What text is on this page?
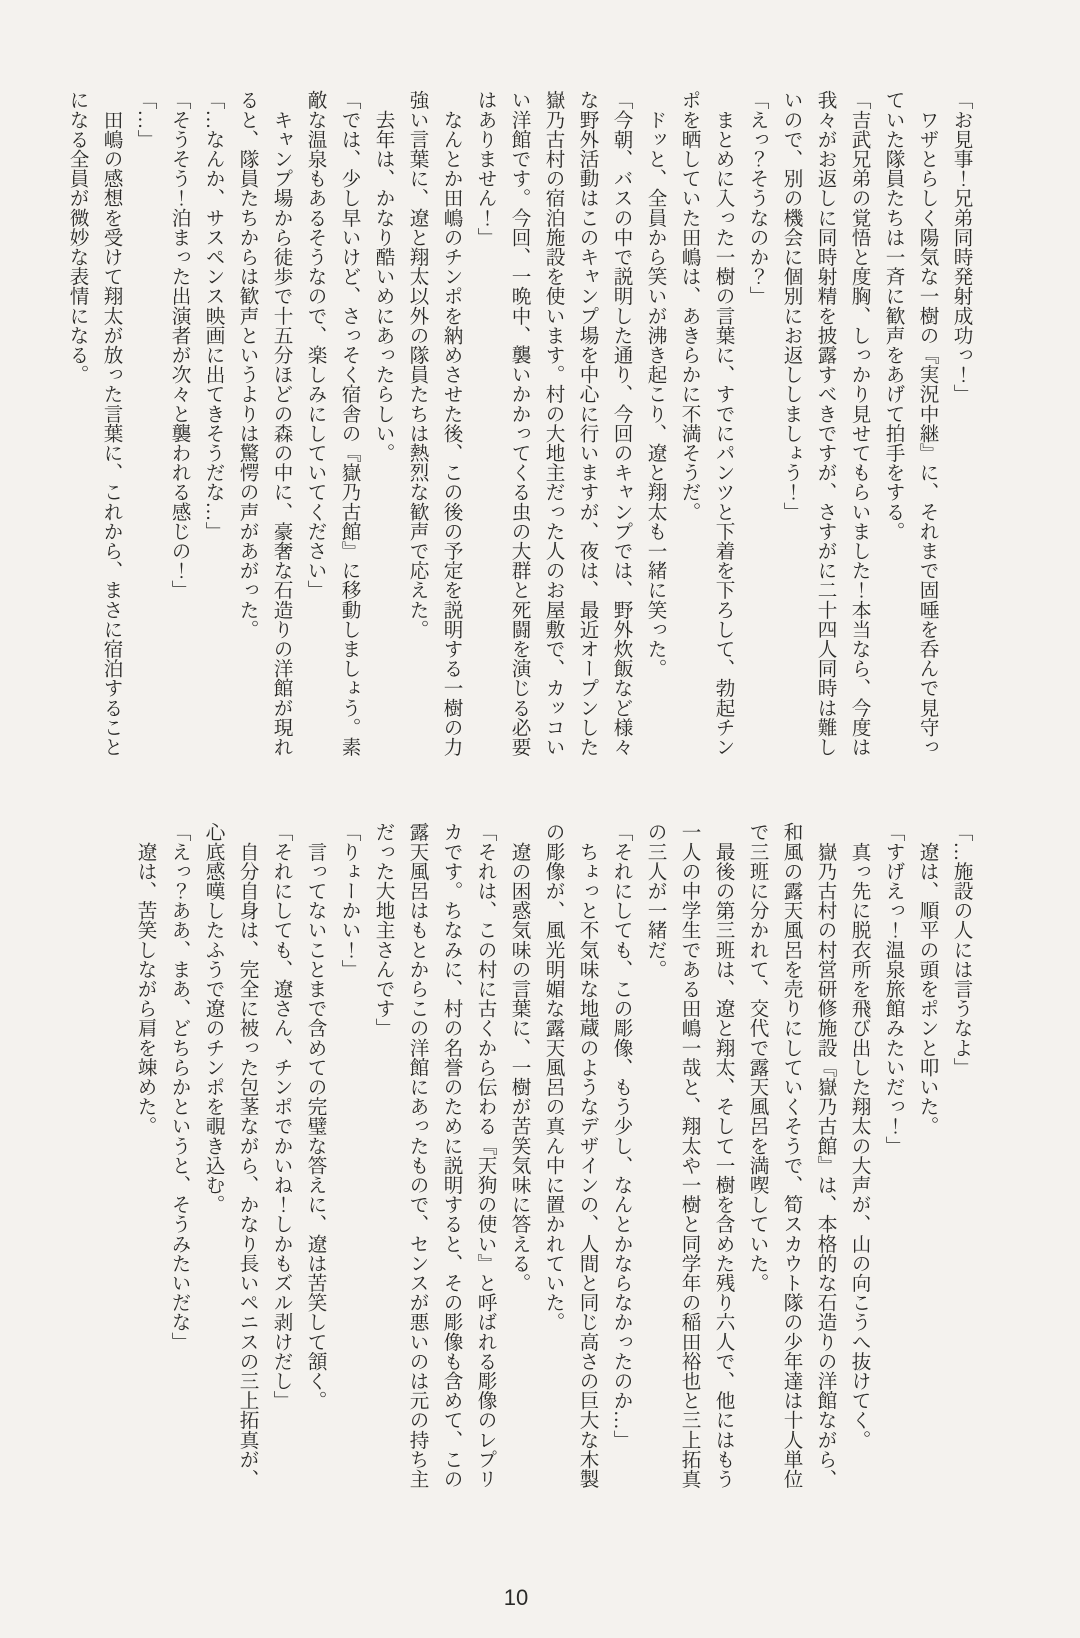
「お見事！兄弟同時発射成功っ！」
　ワザとらしく陽気な一樹の『実況中継』に、それまで固唾を呑んで見守っ
ていた隊員たちは一斉に歓声をあげて拍手をする。
「吉武兄弟の覚悟と度胸、しっかり見せてもらいました！本当なら、今度は
我々がお返しに同時射精を披露すべきですが、さすがに二十四人同時は難し
いので、別の機会に個別にお返ししましょう！」
「えっ？そうなのか？」
　まとめに入った一樹の言葉に、すでにパンツと下着を下ろして、勃起チン
ポを晒していた田嶋は、あきらかに不満そうだ。
　ドッと、全員から笑いが沸き起こり、遼と翔太も一緒に笑った。
「今朝、バスの中で説明した通り、今回のキャンプでは、野外炊飯など様々
な野外活動はこのキャンプ場を中心に行いますが、夜は、最近オープンした
嶽乃古村の宿泊施設を使います。村の大地主だった人のお屋敷で、カッコい
い洋館です。今回、一晩中、襲いかかってくる虫の大群と死闘を演じる必要
はありません！」
　なんとか田嶋のチンポを納めさせた後、この後の予定を説明する一樹の力
強い言葉に、遼と翔太以外の隊員たちは熱烈な歓声で応えた。
　去年は、かなり酷いめにあったらしい。
「では、少し早いけど、さっそく宿舎の『嶽乃古館』に移動しましょう。素
敵な温泉もあるそうなので、楽しみにしていてください」
　キャンプ場から徒歩で十五分ほどの森の中に、豪奢な石造りの洋館が現れ
ると、隊員たちからは歓声というよりは驚愕の声があがった。
「…なんか、サスペンス映画に出てきそうだな…」
「そうそう！泊まった出演者が次々と襲われる感じの！」
「…」
　田嶋の感想を受けて翔太が放った言葉に、これから、まさに宿泊すること
になる全員が微妙な表情になる。
「…施設の人には言うなよ」
　遼は、順平の頭をポンと叩いた。
「すげえっ！温泉旅館みたいだっ！」
　真っ先に脱衣所を飛び出した翔太の大声が、山の向こうへ抜けてく。
　嶽乃古村の村営研修施設『嶽乃古館』は、本格的な石造りの洋館ながら、
和風の露天風呂を売りにしていくそうで、筍スカウト隊の少年達は十人単位
で三班に分かれて、交代で露天風呂を満喫していた。
　最後の第三班は、遼と翔太、そして一樹を含めた残り六人で、他にはもう
一人の中学生である田嶋一哉と、翔太や一樹と同学年の稲田裕也と三上拓真
の三人が一緒だ。
「それにしても、この彫像、もう少し、なんとかならなかったのか…」
　ちょっと不気味な地蔵のようなデザインの、人間と同じ高さの巨大な木製
の彫像が、風光明媚な露天風呂の真ん中に置かれていた。
　遼の困惑気味の言葉に、一樹が苦笑気味に答える。
「それは、この村に古くから伝わる『天狗の使い』と呼ばれる彫像のレプリ
カです。ちなみに、村の名誉のために説明すると、その彫像も含めて、この
露天風呂はもとからこの洋館にあったもので、センスが悪いのは元の持ち主
だった大地主さんです」
「りょーかい！」
　言ってないことまで含めての完璧な答えに、遼は苦笑して頷く。
「それにしても、遼さん、チンポでかいね！しかもズル剥けだし」
　自分自身は、完全に被った包茎ながら、かなり長いペニスの三上拓真が、
心底感嘆したふうで遼のチンポを覗き込む。
「えっ？ああ、まあ、どちらかというと、そうみたいだな」
　遼は、苦笑しながら肩を竦めた。
10
